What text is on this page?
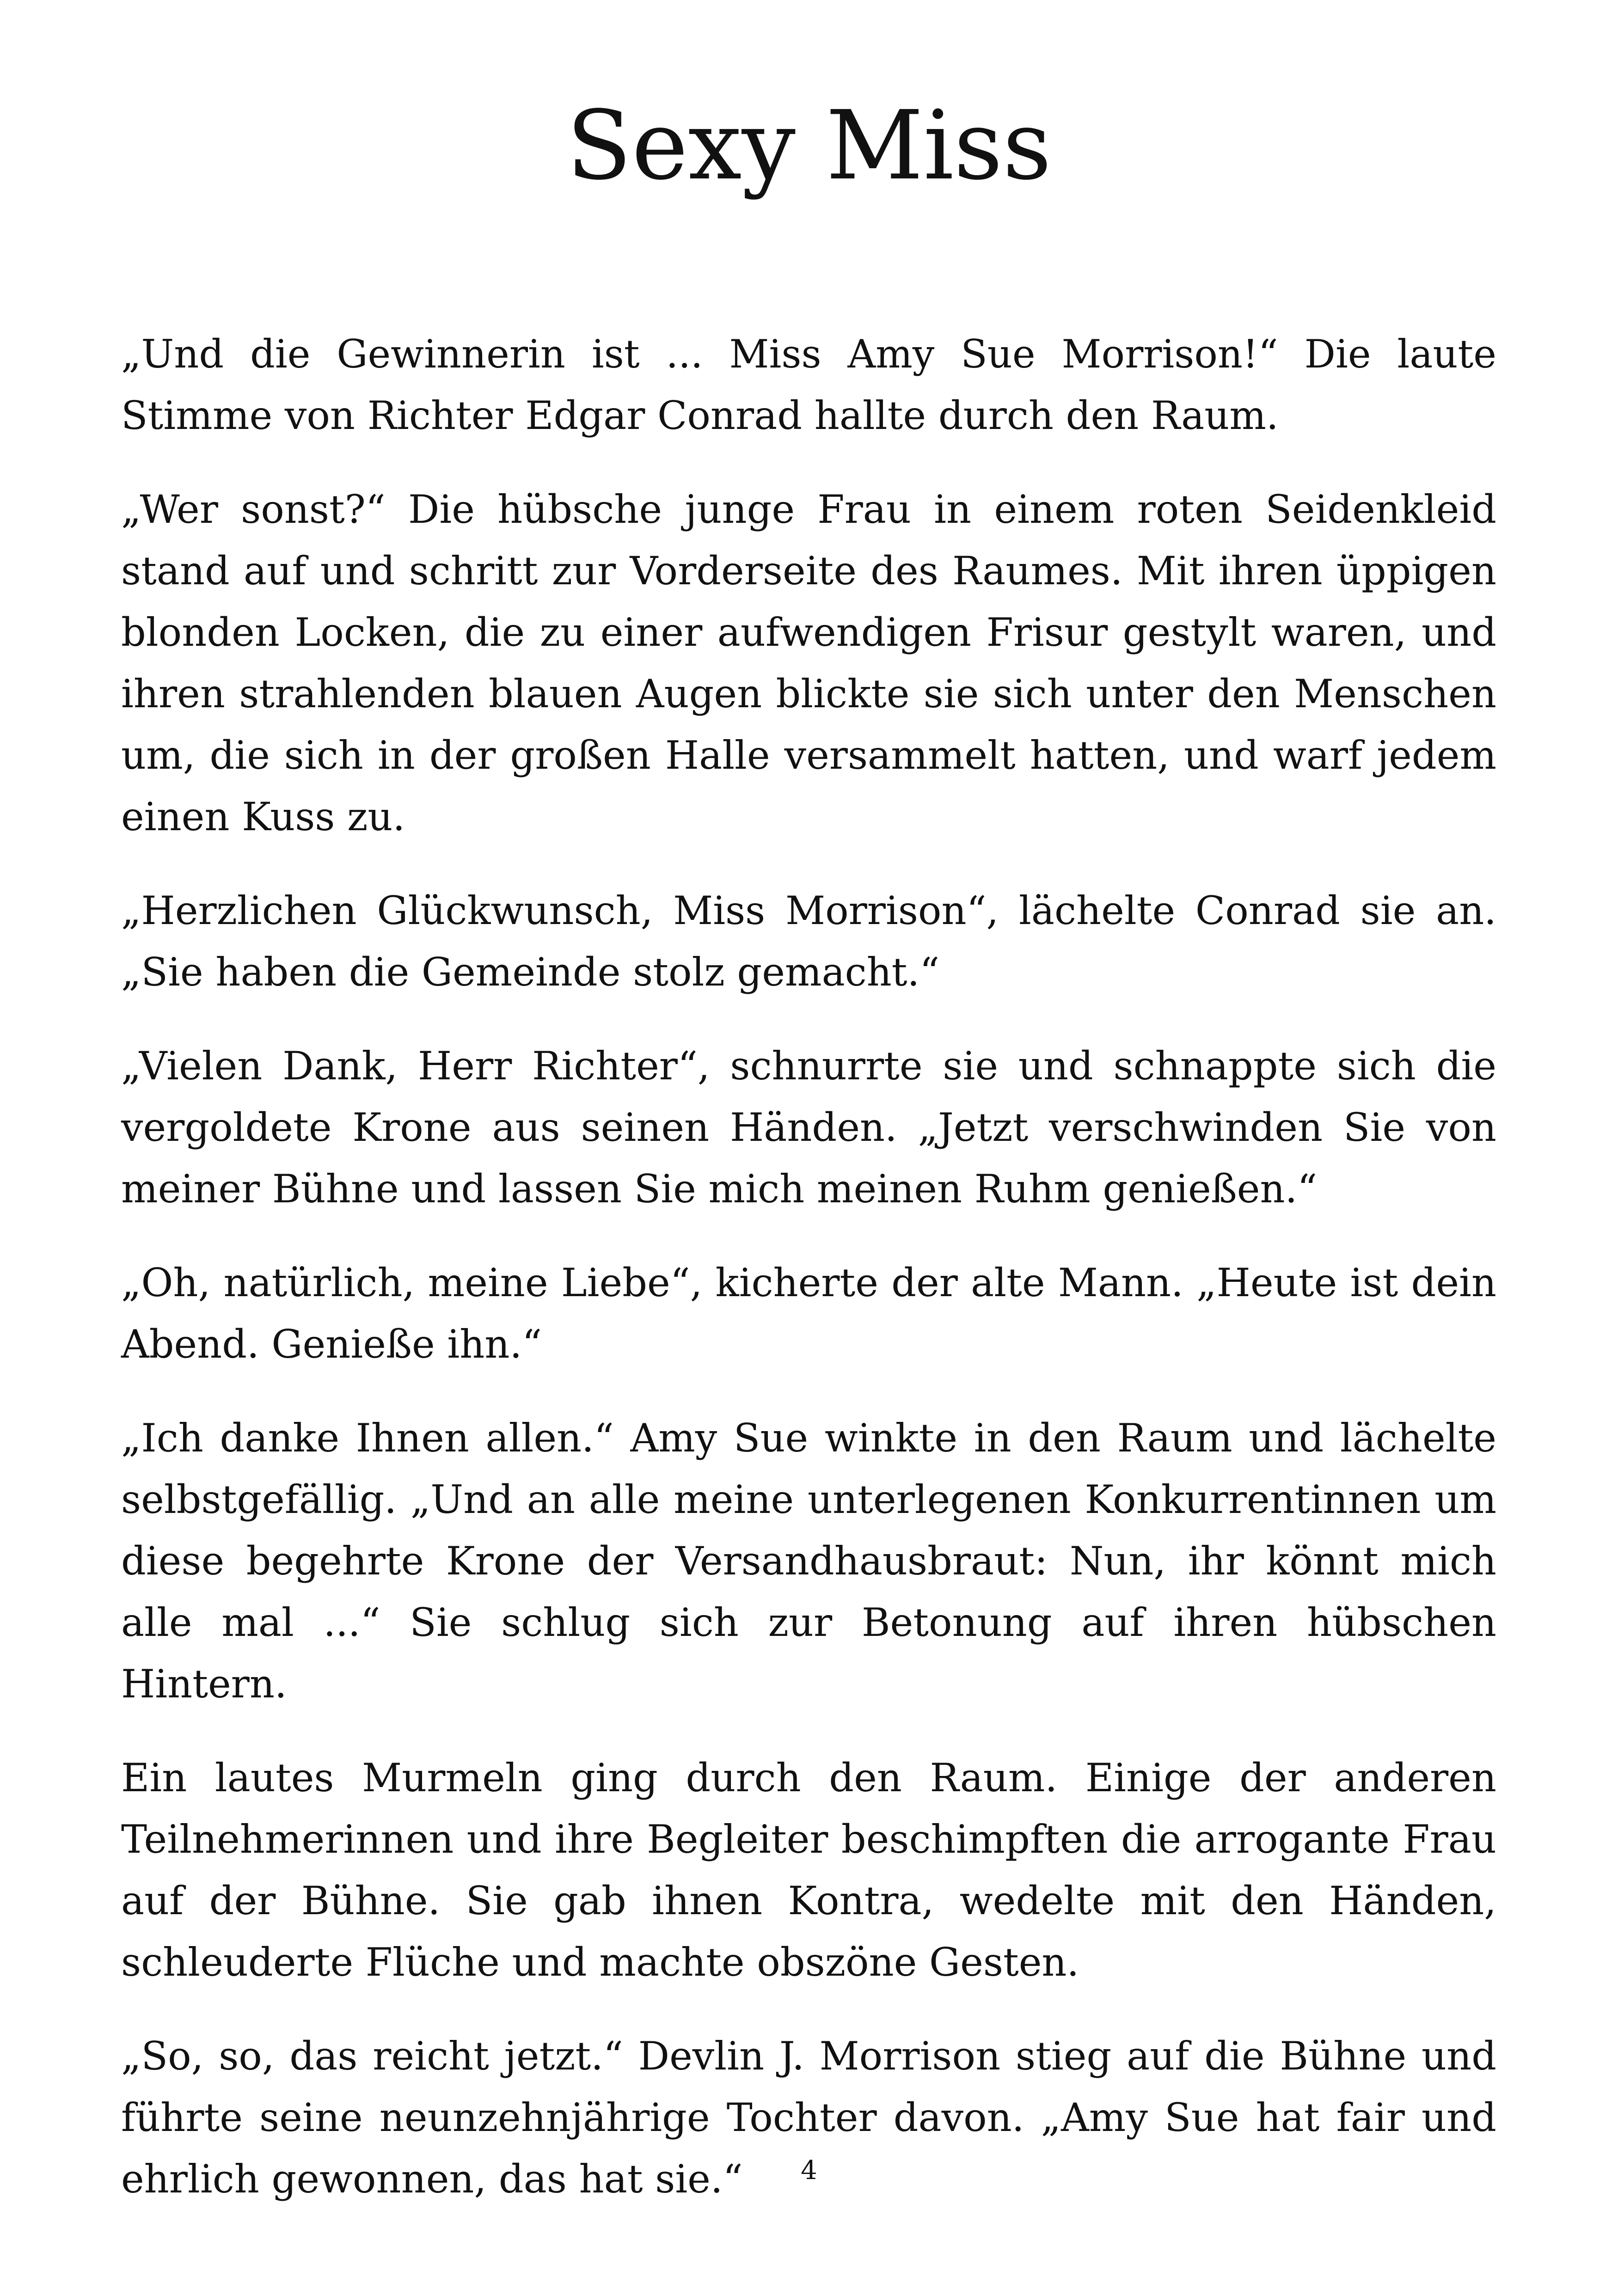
Sexy Miss

„Und die Gewinnerin ist ... Miss Amy Sue Morrison!“ Die laute Stimme von Richter Edgar Conrad hallte durch den Raum.

„Wer sonst?“ Die hübsche junge Frau in einem roten Seidenkleid stand auf und schritt zur Vorderseite des Raumes. Mit ihren üppigen blonden Locken, die zu einer aufwendigen Frisur gestylt waren, und ihren strahlenden blauen Augen blickte sie sich unter den Menschen um, die sich in der großen Halle versammelt hatten, und warf jedem einen Kuss zu.

„Herzlichen Glückwunsch, Miss Morrison“, lächelte Conrad sie an. „Sie haben die Gemeinde stolz gemacht.“

„Vielen Dank, Herr Richter“, schnurrte sie und schnappte sich die vergoldete Krone aus seinen Händen. „Jetzt verschwinden Sie von meiner Bühne und lassen Sie mich meinen Ruhm genießen.“

„Oh, natürlich, meine Liebe“, kicherte der alte Mann. „Heute ist dein Abend. Genieße ihn.“

„Ich danke Ihnen allen.“ Amy Sue winkte in den Raum und lächelte selbstgefällig. „Und an alle meine unterlegenen Konkurrentinnen um diese begehrte Krone der Versandhausbraut: Nun, ihr könnt mich alle mal ...“ Sie schlug sich zur Betonung auf ihren hübschen Hintern.

Ein lautes Murmeln ging durch den Raum. Einige der anderen Teilnehmerinnen und ihre Begleiter beschimpften die arrogante Frau auf der Bühne. Sie gab ihnen Kontra, wedelte mit den Händen, schleuderte Flüche und machte obszöne Gesten.

„So, so, das reicht jetzt.“ Devlin J. Morrison stieg auf die Bühne und führte seine neunzehnjährige Tochter davon. „Amy Sue hat fair und ehrlich gewonnen, das hat sie.“	4
